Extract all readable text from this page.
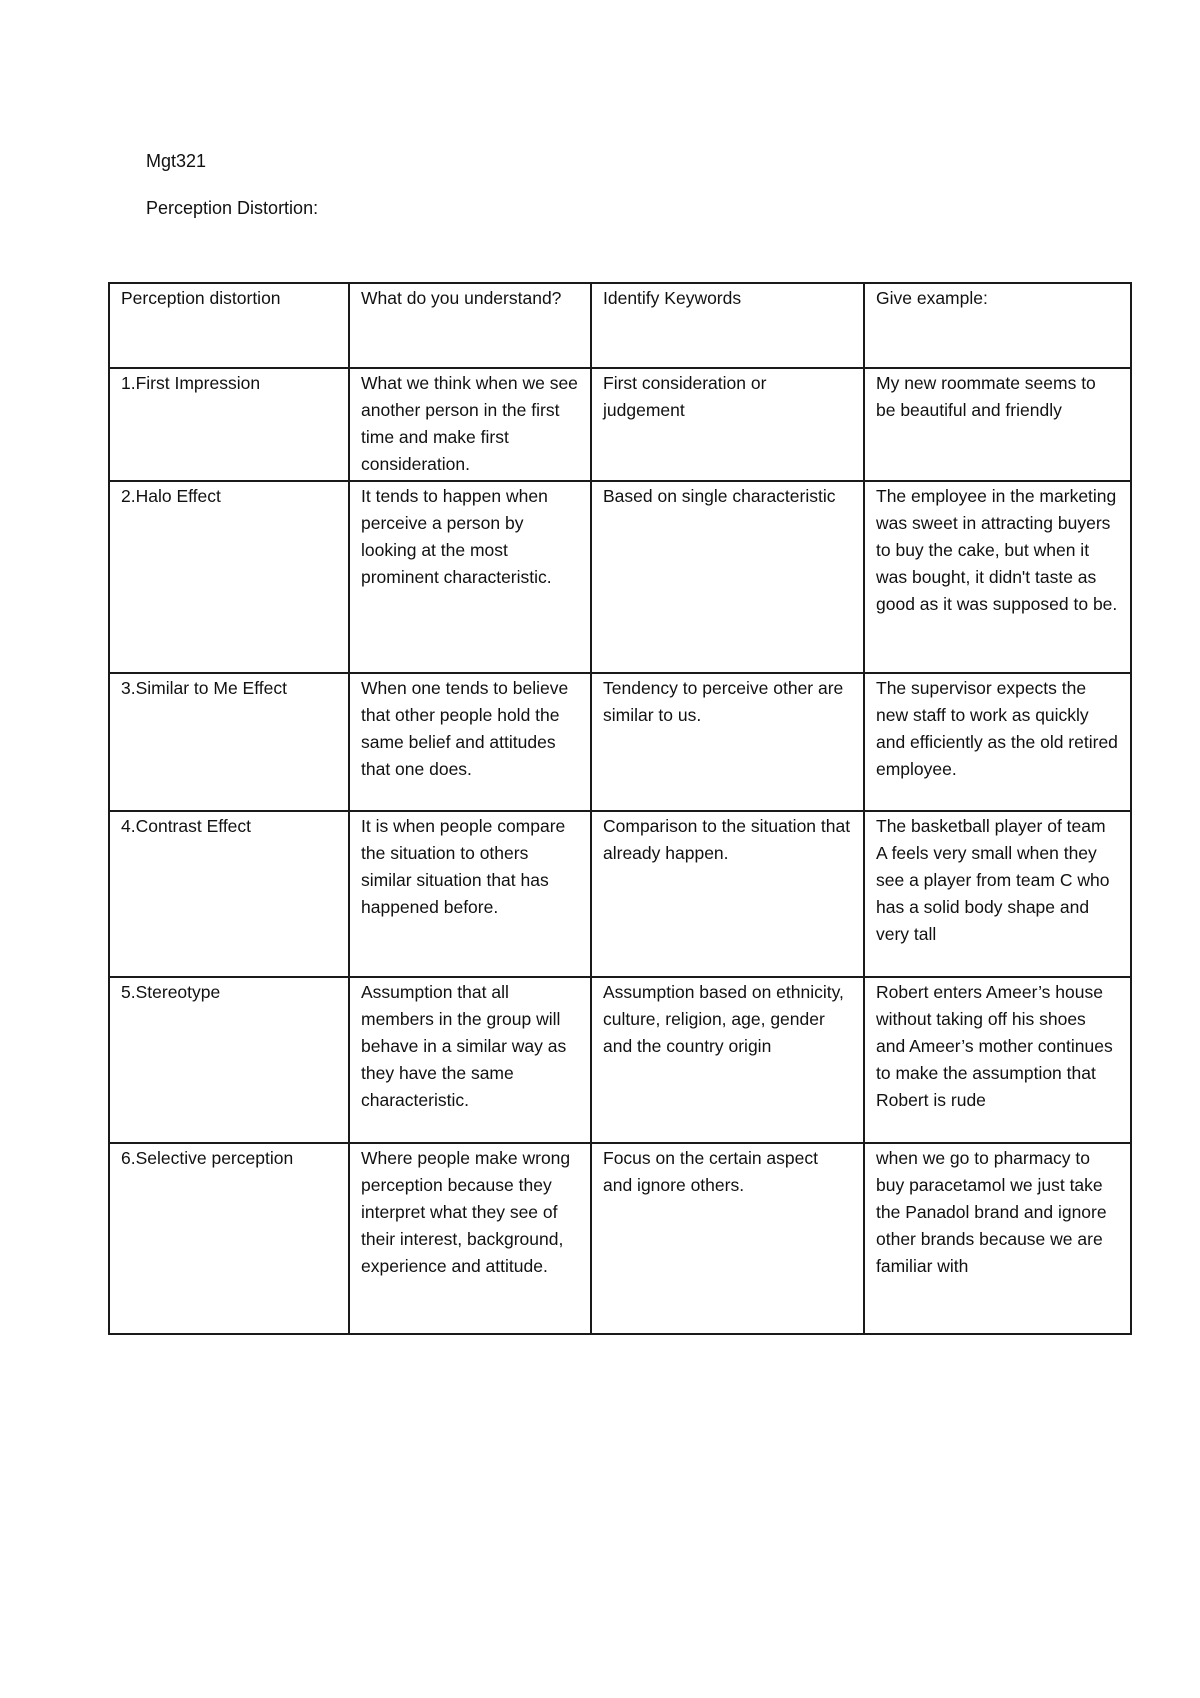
Mgt321

Perception Distortion:

Perception distortion	What do you understand?	Identify Keywords	Give example:
1.First Impression	What we think when we see another person in the first time and make first consideration.	First consideration or judgement	My new roommate seems to be beautiful and friendly
2.Halo Effect	It tends to happen when perceive a person by looking at the most prominent characteristic.	Based on single characteristic	The employee in the marketing was sweet in attracting buyers to buy the cake, but when it was bought, it didn't taste as good as it was supposed to be.
3.Similar to Me Effect	When one tends to believe that other people hold the same belief and attitudes that one does.	Tendency to perceive other are similar to us.	The supervisor expects the new staff to work as quickly and efficiently as the old retired employee.
4.Contrast Effect	It is when people compare the situation to others similar situation that has happened before.	Comparison to the situation that already happen.	The basketball player of team A feels very small when they see a player from team C who has a solid body shape and very tall
5.Stereotype	Assumption that all members in the group will behave in a similar way as they have the same characteristic.	Assumption based on ethnicity, culture, religion, age, gender and the country origin	Robert enters Ameer’s house without taking off his shoes and Ameer’s mother continues to make the assumption that Robert is rude
6.Selective perception	Where people make wrong perception because they interpret what they see of their interest, background, experience and attitude.	Focus on the certain aspect and ignore others.	when we go to pharmacy to buy paracetamol we just take the Panadol brand and ignore other brands because we are familiar with
